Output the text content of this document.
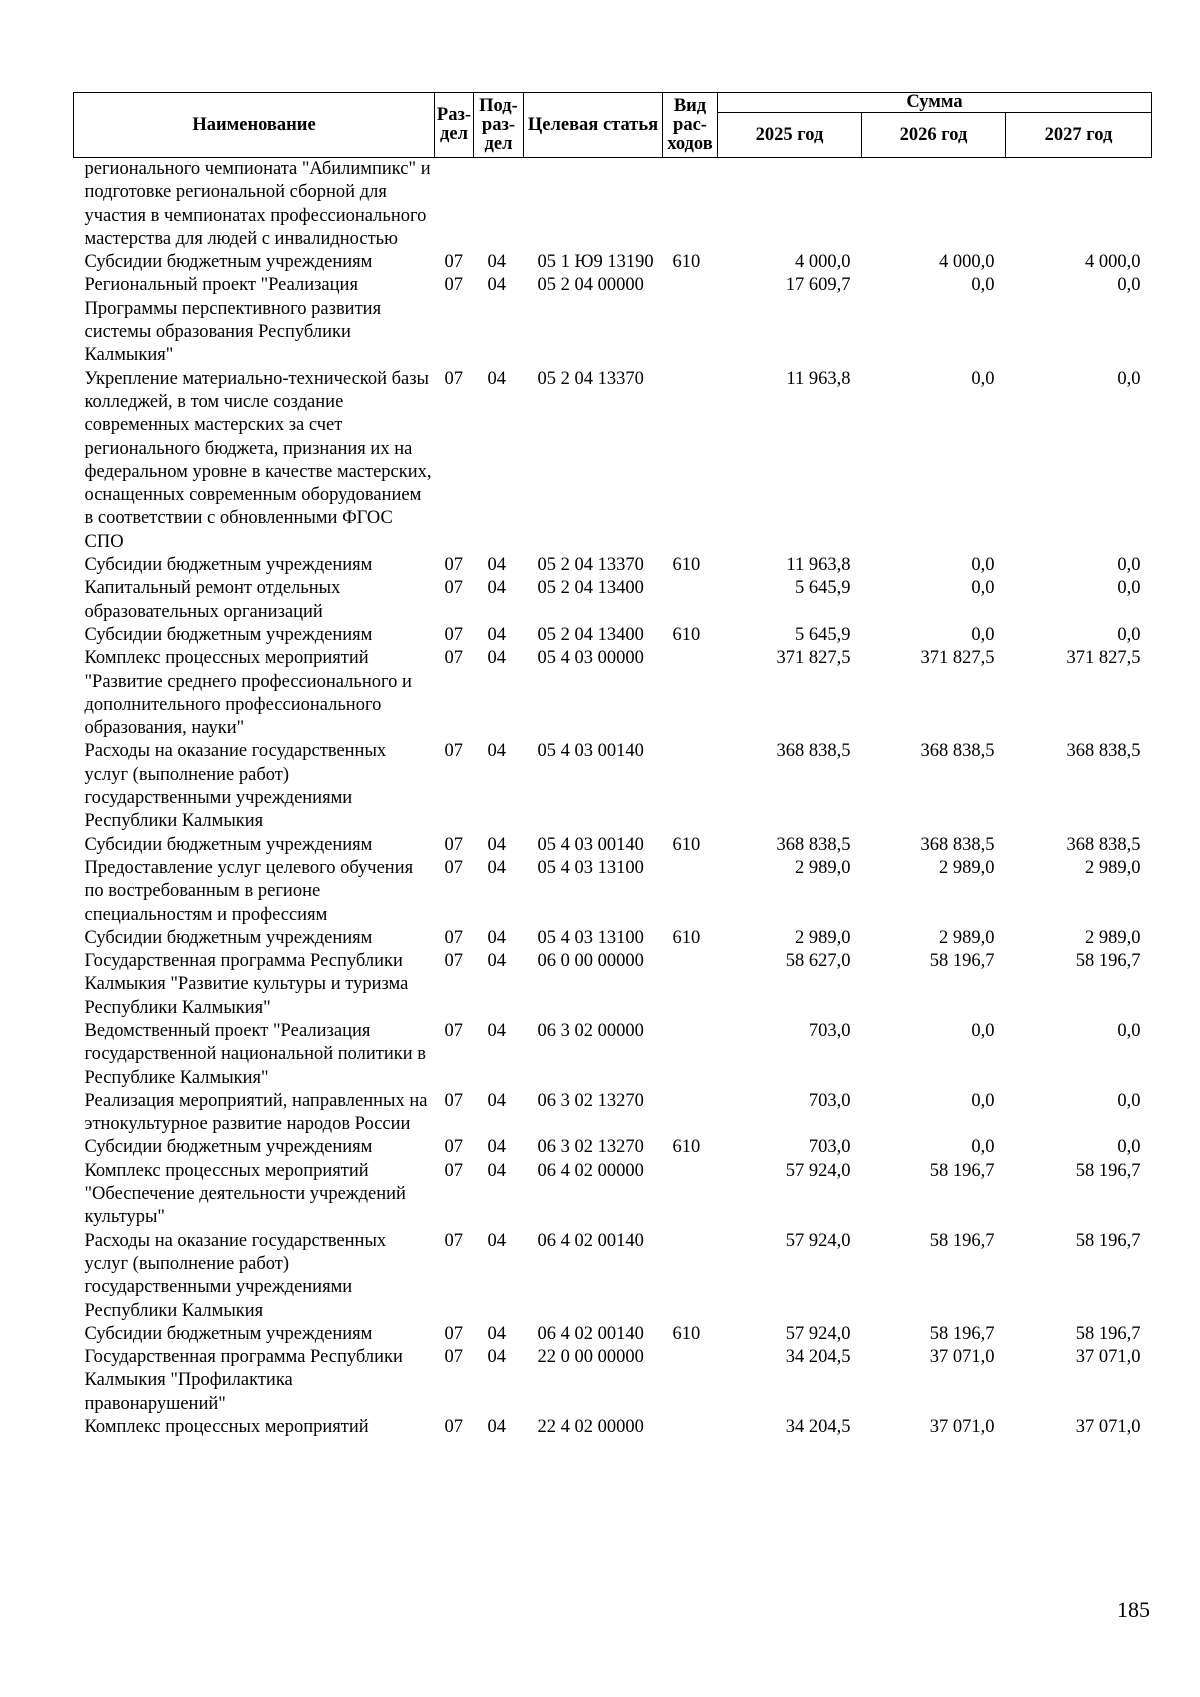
Наименование	Раз-дел	Под-раз-дел	Целевая статья	Вид рас-ходов	Сумма		
					2025 год	2026 год	2027 год
регионального чемпионата "Абилимпикс" и подготовке региональной сборной для участия в чемпионатах профессионального мастерства для людей с инвалидностью							
Субсидии бюджетным учреждениям	07	04	05 1 Ю9 13190	610	4 000,0	4 000,0	4 000,0
Региональный проект "Реализация Программы перспективного развития системы образования Республики Калмыкия"	07	04	05 2 04 00000		17 609,7	0,0	0,0
Укрепление материально-технической базы колледжей, в том числе создание современных мастерских за счет регионального бюджета, признания их на федеральном уровне в качестве мастерских, оснащенных современным оборудованием в соответствии с обновленными ФГОС СПО	07	04	05 2 04 13370		11 963,8	0,0	0,0
Субсидии бюджетным учреждениям	07	04	05 2 04 13370	610	11 963,8	0,0	0,0
Капитальный ремонт отдельных образовательных организаций	07	04	05 2 04 13400		5 645,9	0,0	0,0
Субсидии бюджетным учреждениям	07	04	05 2 04 13400	610	5 645,9	0,0	0,0
Комплекс процессных мероприятий "Развитие среднего профессионального и дополнительного профессионального образования, науки"	07	04	05 4 03 00000		371 827,5	371 827,5	371 827,5
Расходы на оказание государственных услуг (выполнение работ) государственными учреждениями Республики Калмыкия	07	04	05 4 03 00140		368 838,5	368 838,5	368 838,5
Субсидии бюджетным учреждениям	07	04	05 4 03 00140	610	368 838,5	368 838,5	368 838,5
Предоставление услуг целевого обучения по востребованным в регионе специальностям и профессиям	07	04	05 4 03 13100		2 989,0	2 989,0	2 989,0
Субсидии бюджетным учреждениям	07	04	05 4 03 13100	610	2 989,0	2 989,0	2 989,0
Государственная программа Республики Калмыкия "Развитие культуры и туризма Республики Калмыкия"	07	04	06 0 00 00000		58 627,0	58 196,7	58 196,7
Ведомственный проект "Реализация государственной национальной политики в Республике Калмыкия"	07	04	06 3 02 00000		703,0	0,0	0,0
Реализация мероприятий, направленных на этнокультурное развитие народов России	07	04	06 3 02 13270		703,0	0,0	0,0
Субсидии бюджетным учреждениям	07	04	06 3 02 13270	610	703,0	0,0	0,0
Комплекс процессных мероприятий "Обеспечение деятельности учреждений культуры"	07	04	06 4 02 00000		57 924,0	58 196,7	58 196,7
Расходы на оказание государственных услуг (выполнение работ) государственными учреждениями Республики Калмыкия	07	04	06 4 02 00140		57 924,0	58 196,7	58 196,7
Субсидии бюджетным учреждениям	07	04	06 4 02 00140	610	57 924,0	58 196,7	58 196,7
Государственная программа Республики Калмыкия "Профилактика правонарушений"	07	04	22 0 00 00000		34 204,5	37 071,0	37 071,0
Комплекс процессных мероприятий	07	04	22 4 02 00000		34 204,5	37 071,0	37 071,0
185
